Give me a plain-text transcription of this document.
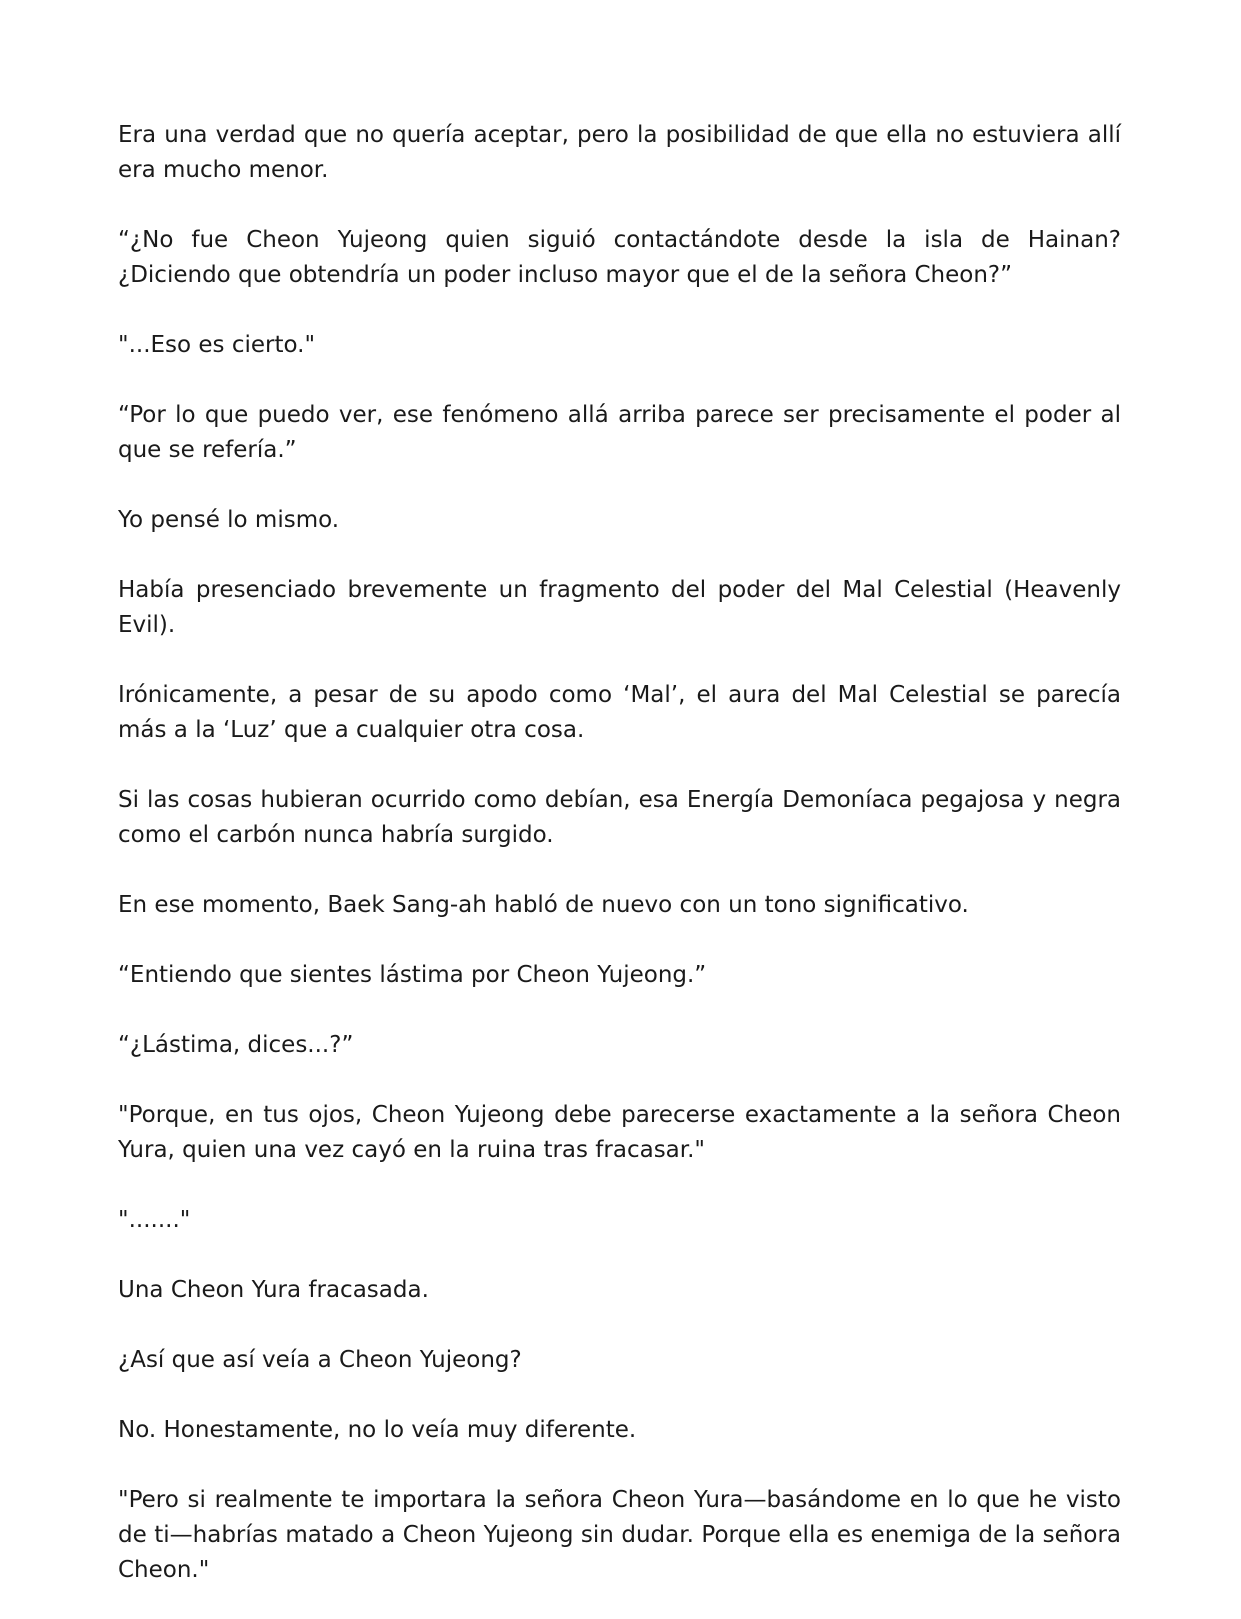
Era una verdad que no quería aceptar, pero la posibilidad de que ella no estuviera allí era mucho menor.

“¿No fue Cheon Yujeong quien siguió contactándote desde la isla de Hainan? ¿Diciendo que obtendría un poder incluso mayor que el de la señora Cheon?”

"...Eso es cierto."

“Por lo que puedo ver, ese fenómeno allá arriba parece ser precisamente el poder al que se refería.”

Yo pensé lo mismo.

Había presenciado brevemente un fragmento del poder del Mal Celestial (Heavenly Evil).

Irónicamente, a pesar de su apodo como ‘Mal’, el aura del Mal Celestial se parecía más a la ‘Luz’ que a cualquier otra cosa.

Si las cosas hubieran ocurrido como debían, esa Energía Demoníaca pegajosa y negra como el carbón nunca habría surgido.

En ese momento, Baek Sang-ah habló de nuevo con un tono significativo.

“Entiendo que sientes lástima por Cheon Yujeong.”

“¿Lástima, dices...?”

"Porque, en tus ojos, Cheon Yujeong debe parecerse exactamente a la señora Cheon Yura, quien una vez cayó en la ruina tras fracasar."

"......."

Una Cheon Yura fracasada.

¿Así que así veía a Cheon Yujeong?

No. Honestamente, no lo veía muy diferente.

"Pero si realmente te importara la señora Cheon Yura—basándome en lo que he visto de ti—habrías matado a Cheon Yujeong sin dudar. Porque ella es enemiga de la señora Cheon."
